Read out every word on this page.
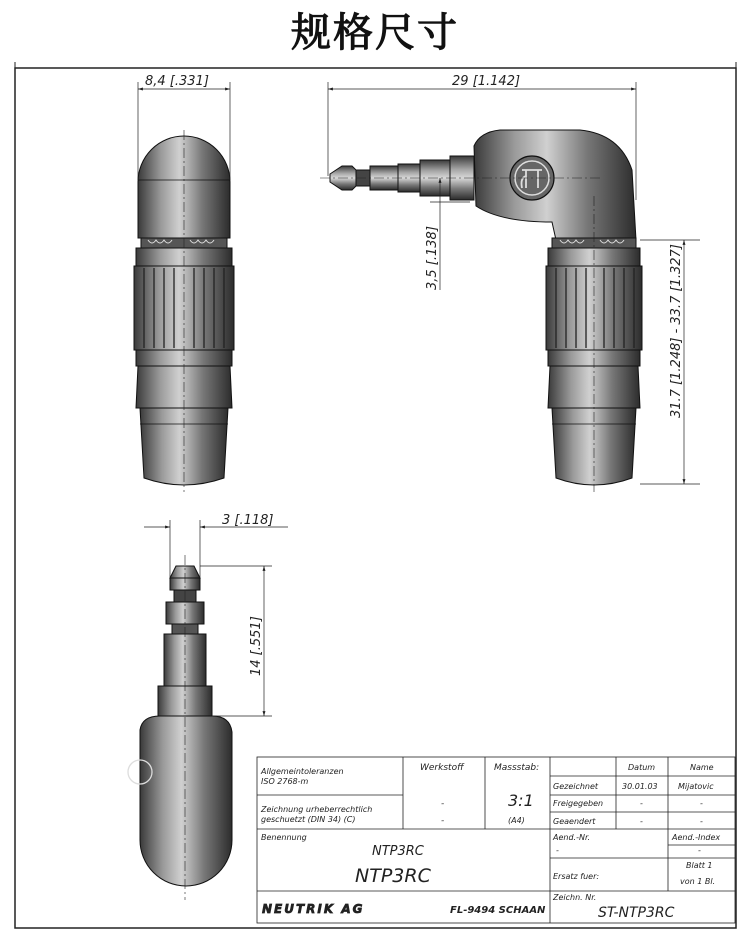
规格尺寸
8,4 [.331]	29 [1.142]
3,5 [.138]	31.7 [1.248] - 33.7 [1.327]
3 [.118]
14 [.551]
Allgemeintoleranzen
ISO 2768-m
Zeichnung urheberrechtlich
geschuetzt (DIN 34) (C)
Werkstoff
-
-
Massstab:
3:1
(A4)
Datum	Name
Gezeichnet	30.01.03	Mijatovic
Freigegeben	-	-
Geaendert	-	-
Benennung
NTP3RC
NTP3RC
Aend.-Nr.
-
Aend.-Index
-
Ersatz fuer:
Blatt 1
von 1 Bl.
NEUTRIK AG	FL-9494 SCHAAN
Zeichn. Nr.
ST-NTP3RC
